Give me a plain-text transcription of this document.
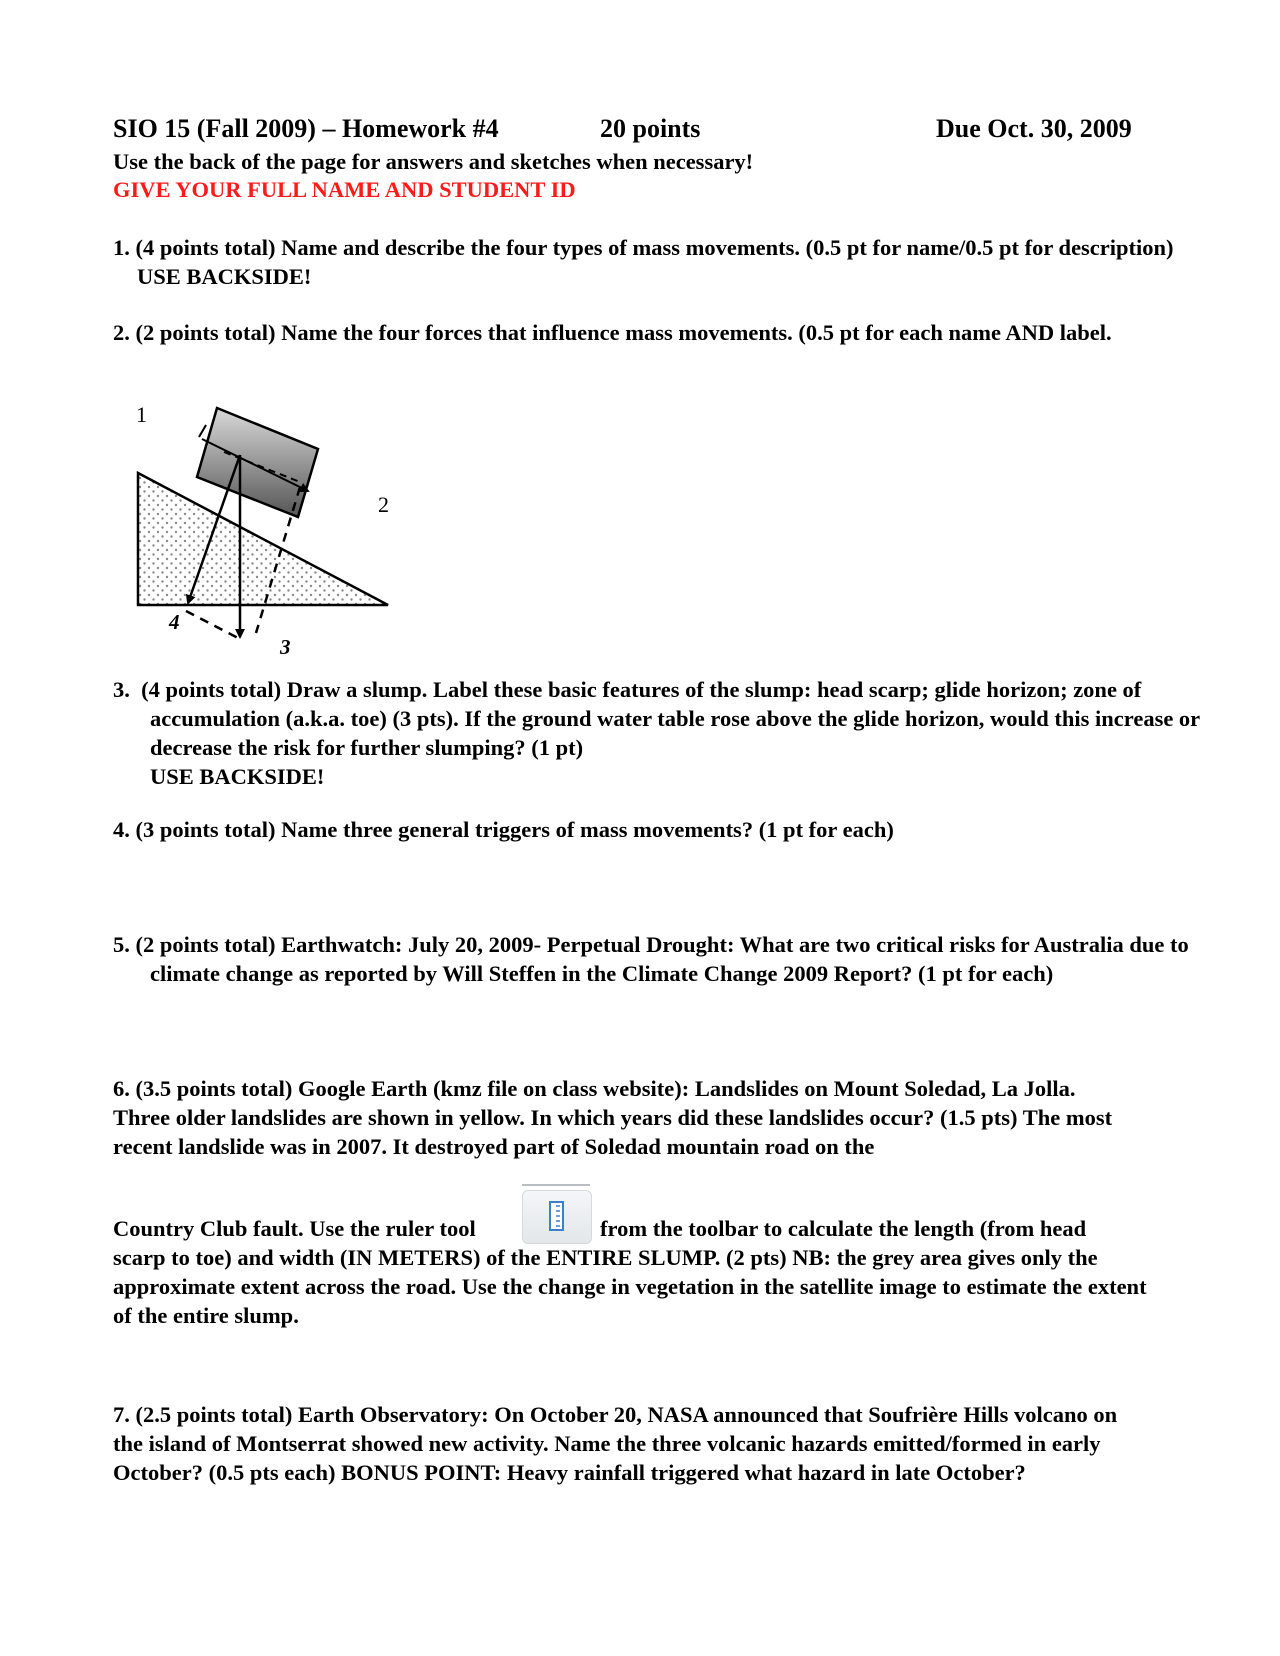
SIO 15 (Fall 2009) – Homework #4	20 points	Due Oct. 30, 2009
Use the back of the page for answers and sketches when necessary!
GIVE YOUR FULL NAME AND STUDENT ID
1. (4 points total) Name and describe the four types of mass movements. (0.5 pt for name/0.5 pt for description) USE BACKSIDE!
2. (2 points total) Name the four forces that influence mass movements. (0.5 pt for each name AND label.
1
2
3
4
3. (4 points total) Draw a slump. Label these basic features of the slump: head scarp; glide horizon; zone of accumulation (a.k.a. toe) (3 pts). If the ground water table rose above the glide horizon, would this increase or decrease the risk for further slumping? (1 pt)
USE BACKSIDE!
4. (3 points total) Name three general triggers of mass movements? (1 pt for each)
5. (2 points total) Earthwatch: July 20, 2009- Perpetual Drought: What are two critical risks for Australia due to climate change as reported by Will Steffen in the Climate Change 2009 Report? (1 pt for each)
6. (3.5 points total) Google Earth (kmz file on class website): Landslides on Mount Soledad, La Jolla. Three older landslides are shown in yellow. In which years did these landslides occur? (1.5 pts) The most recent landslide was in 2007. It destroyed part of Soledad mountain road on the
Country Club fault. Use the ruler tool	from the toolbar to calculate the length (from head
scarp to toe) and width (IN METERS) of the ENTIRE SLUMP. (2 pts) NB: the grey area gives only the approximate extent across the road. Use the change in vegetation in the satellite image to estimate the extent of the entire slump.
7. (2.5 points total) Earth Observatory: On October 20, NASA announced that Soufrière Hills volcano on the island of Montserrat showed new activity. Name the three volcanic hazards emitted/formed in early October? (0.5 pts each) BONUS POINT: Heavy rainfall triggered what hazard in late October?
